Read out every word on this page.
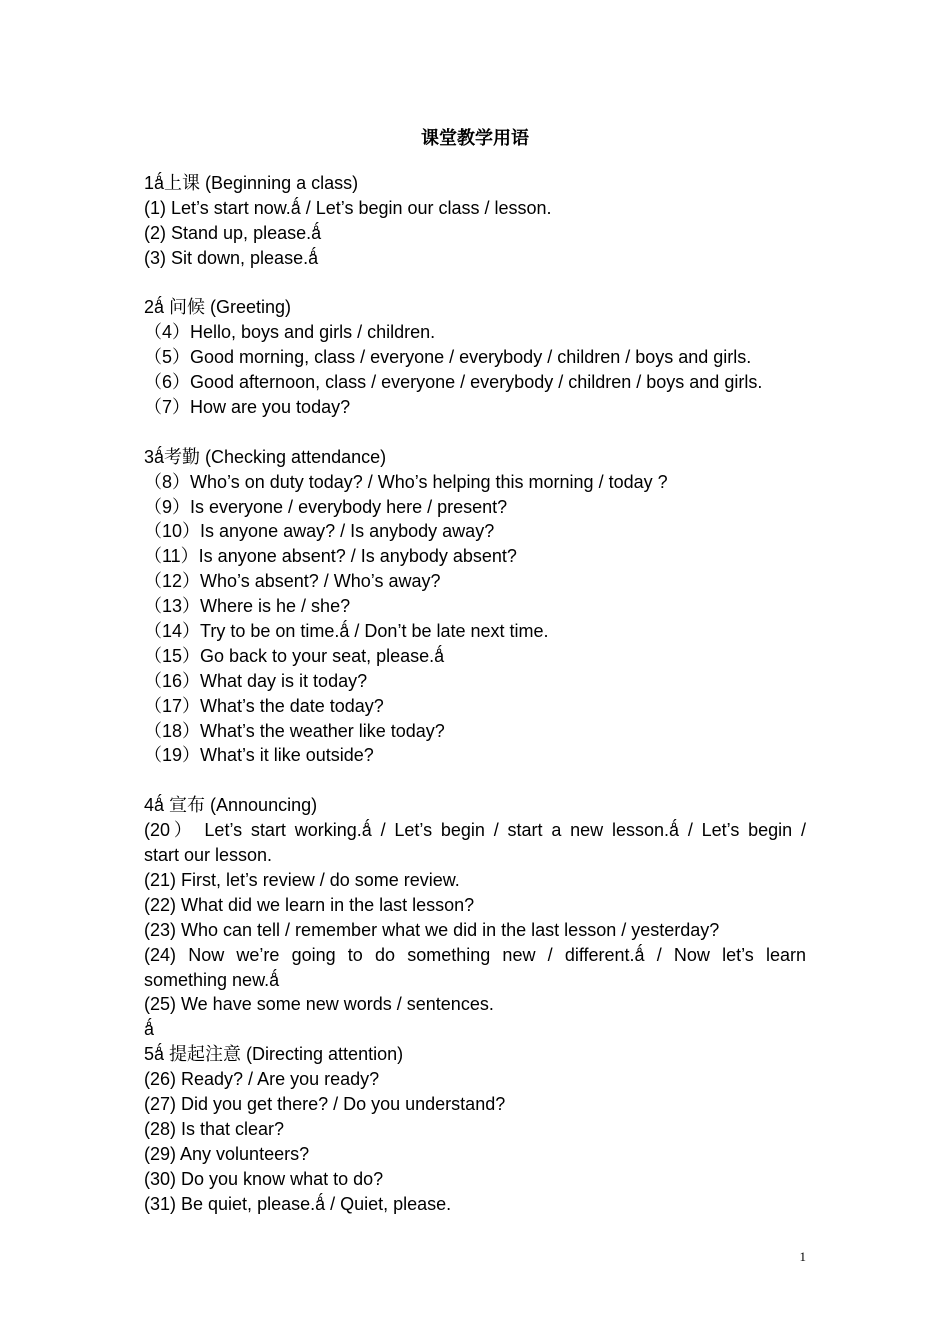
课堂教学用语
1ǻ上课 (Beginning a class)
(1) Let’s start now.ǻ / Let’s begin our class / lesson.
(2) Stand up, please.ǻ
(3) Sit down, please.ǻ
2ǻ 问候 (Greeting)
（4）Hello, boys and girls / children.
（5）Good morning, class / everyone / everybody / children / boys and girls.
（6）Good afternoon, class / everyone / everybody / children / boys and girls.
（7）How are you today?
3ǻ考勤 (Checking attendance)
（8）Who’s on duty today? / Who’s helping this morning / today ?
（9）Is everyone / everybody here / present?
（10）Is anyone away? / Is anybody away?
（11）Is anyone absent? / Is anybody absent?
（12）Who’s absent? / Who’s away?
（13）Where is he / she?
（14）Try to be on time.ǻ / Don’t be late next time.
（15）Go back to your seat, please.ǻ
（16）What day is it today?
（17）What’s the date today?
（18）What’s the weather like today?
（19）What’s it like outside?
4ǻ 宣布 (Announcing)
(20） Let’s start working.ǻ / Let’s begin / start a new lesson.ǻ / Let’s begin /
start our lesson.
(21) First, let’s review / do some review.
(22) What did we learn in the last lesson?
(23) Who can tell / remember what we did in the last lesson / yesterday?
(24) Now we’re going to do something new / different.ǻ / Now let’s learn
something new.ǻ
(25) We have some new words / sentences.
ǻ
5ǻ 提起注意 (Directing attention)
(26) Ready? / Are you ready?
(27) Did you get there? / Do you understand?
(28) Is that clear?
(29) Any volunteers?
(30) Do you know what to do?
(31) Be quiet, please.ǻ / Quiet, please.
1
